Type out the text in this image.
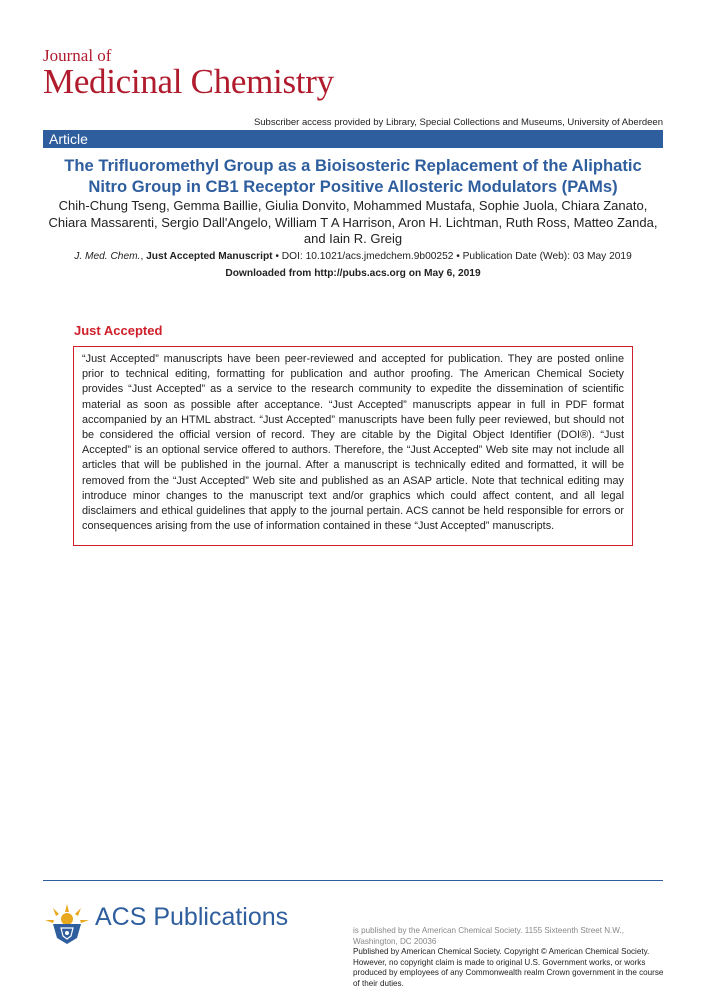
Journal of
Medicinal Chemistry
Subscriber access provided by Library, Special Collections and Museums, University of Aberdeen
Article
The Trifluoromethyl Group as a Bioisosteric Replacement of the Aliphatic Nitro Group in CB1 Receptor Positive Allosteric Modulators (PAMs)
Chih-Chung Tseng, Gemma Baillie, Giulia Donvito, Mohammed Mustafa, Sophie Juola, Chiara Zanato, Chiara Massarenti, Sergio Dall'Angelo, William T A Harrison, Aron H. Lichtman, Ruth Ross, Matteo Zanda, and Iain R. Greig
J. Med. Chem., Just Accepted Manuscript • DOI: 10.1021/acs.jmedchem.9b00252 • Publication Date (Web): 03 May 2019
Downloaded from http://pubs.acs.org on May 6, 2019
Just Accepted

“Just Accepted” manuscripts have been peer-reviewed and accepted for publication. They are posted online prior to technical editing, formatting for publication and author proofing. The American Chemical Society provides “Just Accepted” as a service to the research community to expedite the dissemination of scientific material as soon as possible after acceptance. “Just Accepted” manuscripts appear in full in PDF format accompanied by an HTML abstract. “Just Accepted” manuscripts have been fully peer reviewed, but should not be considered the official version of record. They are citable by the Digital Object Identifier (DOI®). “Just Accepted” is an optional service offered to authors. Therefore, the “Just Accepted” Web site may not include all articles that will be published in the journal. After a manuscript is technically edited and formatted, it will be removed from the “Just Accepted” Web site and published as an ASAP article. Note that technical editing may introduce minor changes to the manuscript text and/or graphics which could affect content, and all legal disclaimers and ethical guidelines that apply to the journal pertain. ACS cannot be held responsible for errors or consequences arising from the use of information contained in these “Just Accepted” manuscripts.

ACS Publications	is published by the American Chemical Society. 1155 Sixteenth Street N.W., Washington, DC 20036
Published by American Chemical Society. Copyright © American Chemical Society. However, no copyright claim is made to original U.S. Government works, or works produced by employees of any Commonwealth realm Crown government in the course of their duties.
